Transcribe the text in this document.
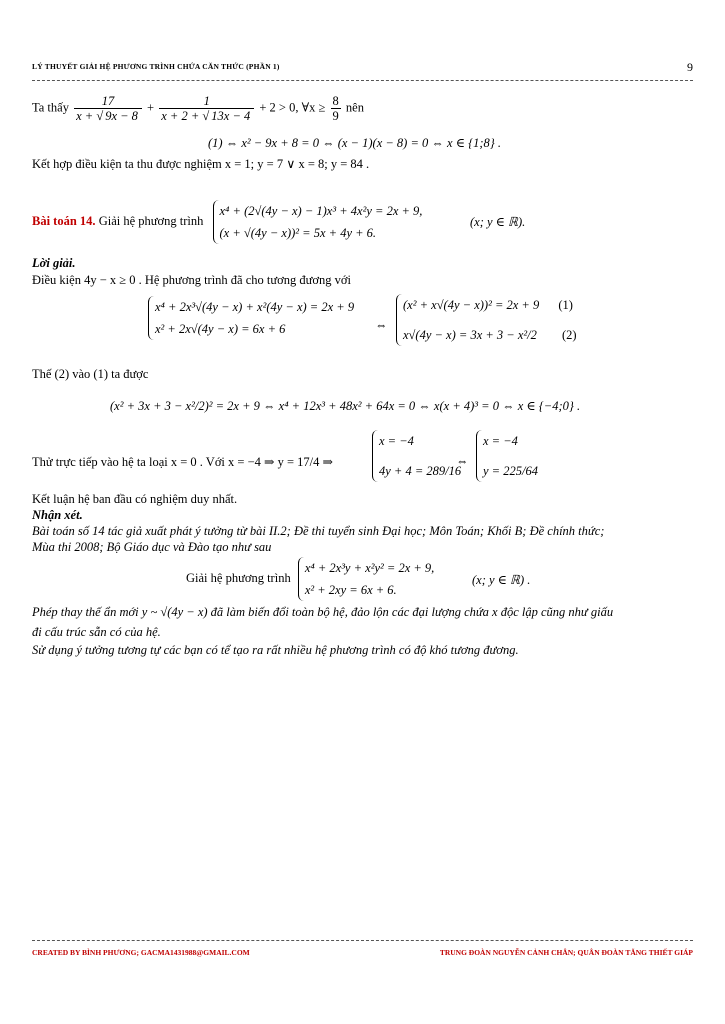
LÝ THUYẾT GIẢI HỆ PHƯƠNG TRÌNH CHỨA CĂN THỨC (PHẦN 1)	9
Ta thấy $\frac{17}{x + √ 9x - 8} + \frac{1}{x + 2 + √ 13x - 4} + 2 > 0$, ∀x ≥ $\frac{8}{9}$ nên
(1) ⇔ x² − 9x + 8 = 0 ⇔ (x − 1)(x − 8) = 0 ⇔ x ∈ {1;8} .
Kết hợp điều kiện ta thu được nghiệm x = 1; y = 7 ∨ x = 8; y = 84 .
Bài toán 14. Giải hệ phương trình
x⁴ + (2√(4y − x) − 1)x³ + 4x²y = 2x + 9,
(x + √(4y − x))² = 5x + 4y + 6.
(x; y ∈ ℝ).
Lời giải.
Điều kiện 4y − x ≥ 0 . Hệ phương trình đã cho tương đương với
x⁴ + 2x³√(4y − x) + x²(4y − x) = 2x + 9
x² + 2x√(4y − x) = 6x + 6	⇔
(x² + x√(4y − x))² = 2x + 9 (1)
x√(4y − x) = 3x + 3 − x²/2 (2)
Thế (2) vào (1) ta được
(x² + 3x + 3 − x²/2)² = 2x + 9 ⇔ x⁴ + 12x³ + 48x² + 64x = 0 ⇔ x(x + 4)³ = 0 ⇔ x ∈ {−4;0} .
Thử trực tiếp vào hệ ta loại x = 0 . Với x = −4 ⇒ y = 17/4 ⇒
x = −4
4y + 4 = 289/16
⇔
x = −4
y = 225/64
Kết luận hệ ban đầu có nghiệm duy nhất.
Nhận xét.
Bài toán số 14 tác giả xuất phát ý tưởng từ bài II.2; Đề thi tuyển sinh Đại học; Môn Toán; Khối B; Đề chính thức;
Mùa thi 2008; Bộ Giáo dục và Đào tạo như sau
Giải hệ phương trình
x⁴ + 2x³y + x²y² = 2x + 9,
x² + 2xy = 6x + 6.
(x; y ∈ ℝ) .
Phép thay thế ẩn mới y ~ √(4y − x) đã làm biến đổi toàn bộ hệ, đảo lộn các đại lượng chứa x độc lập cũng như giấu
đi cấu trúc sẵn có của hệ.
Sử dụng ý tưởng tương tự các bạn có tể tạo ra rất nhiều hệ phương trình có độ khó tương đương.
CREATED BY BÌNH PHƯƠNG; GACMA1431988@GMAIL.COM	TRUNG ĐOÀN NGUYỄN CẢNH CHÂN; QUÂN ĐOÀN TĂNG THIẾT GIÁP
